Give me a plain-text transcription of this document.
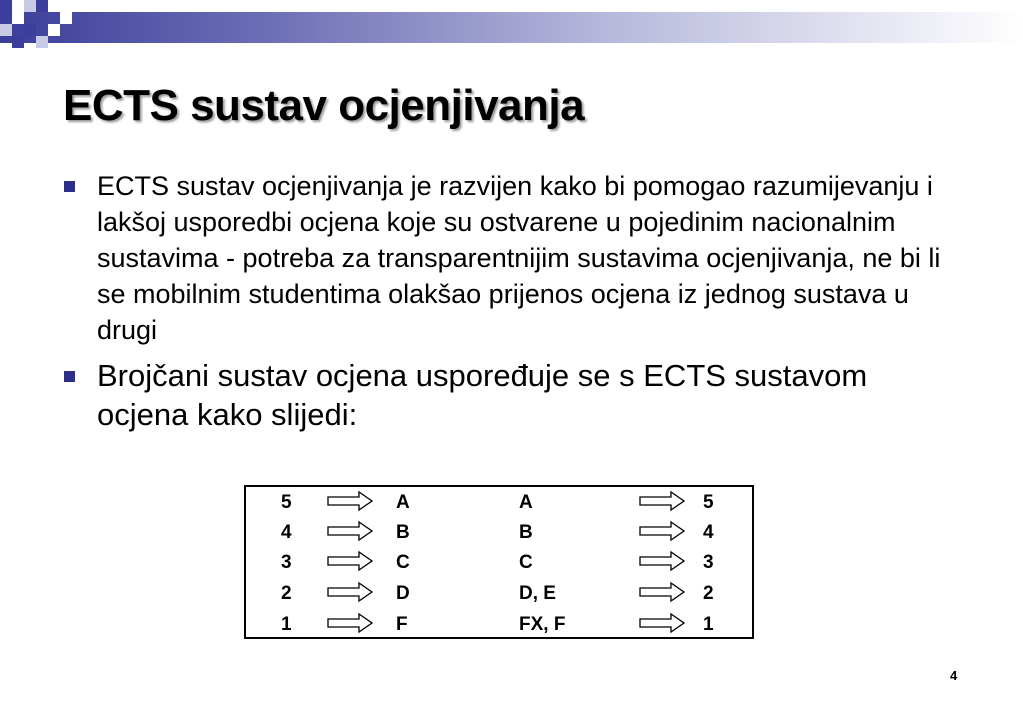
ECTS sustav ocjenjivanja
ECTS sustav ocjenjivanja je razvijen kako bi pomogao razumijevanju i lakšoj usporedbi ocjena koje su ostvarene u pojedinim nacionalnim sustavima - potreba za transparentnijim sustavima ocjenjivanja, ne bi li se mobilnim studentima olakšao prijenos ocjena iz jednog sustava u drugi
Brojčani sustav ocjena uspoređuje se s ECTS sustavom ocjena kako slijedi:
5	A	A	5
4	B	B	4
3	C	C	3
2	D	D, E	2
1	F	FX, F	1
4
